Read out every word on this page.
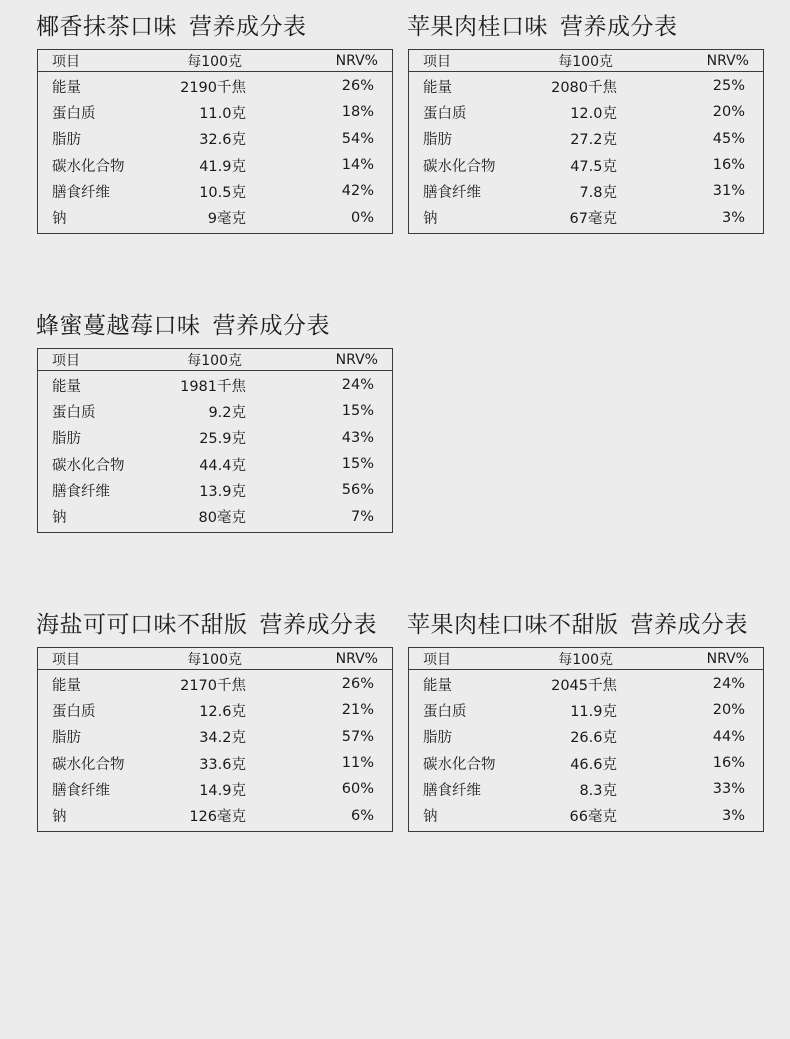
椰香抹茶口味 营养成分表
项目	每100克	NRV%
能量	2190千焦	26%
蛋白质	11.0克	18%
脂肪	32.6克	54%
碳水化合物	41.9克	14%
膳食纤维	10.5克	42%
钠	9毫克	0%
苹果肉桂口味 营养成分表
项目	每100克	NRV%
能量	2080千焦	25%
蛋白质	12.0克	20%
脂肪	27.2克	45%
碳水化合物	47.5克	16%
膳食纤维	7.8克	31%
钠	67毫克	3%
蜂蜜蔓越莓口味 营养成分表
项目	每100克	NRV%
能量	1981千焦	24%
蛋白质	9.2克	15%
脂肪	25.9克	43%
碳水化合物	44.4克	15%
膳食纤维	13.9克	56%
钠	80毫克	7%
海盐可可口味不甜版 营养成分表
项目	每100克	NRV%
能量	2170千焦	26%
蛋白质	12.6克	21%
脂肪	34.2克	57%
碳水化合物	33.6克	11%
膳食纤维	14.9克	60%
钠	126毫克	6%
苹果肉桂口味不甜版 营养成分表
项目	每100克	NRV%
能量	2045千焦	24%
蛋白质	11.9克	20%
脂肪	26.6克	44%
碳水化合物	46.6克	16%
膳食纤维	8.3克	33%
钠	66毫克	3%
